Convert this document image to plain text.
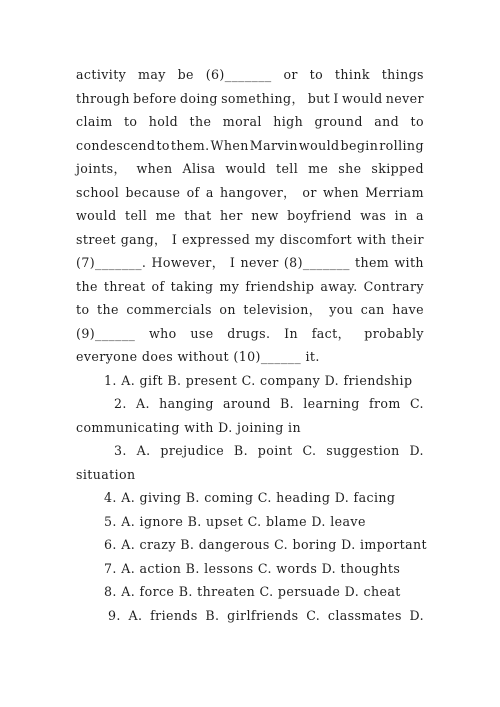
activity may be (6)_______ or to think things
through before doing something， but I would never
claim to hold the moral high ground and to
condescend to them. When Marvin would begin rolling
joints， when Alisa would tell me she skipped
school because of a hangover， or when Merriam
would tell me that her new boyfriend was in a
street gang， I expressed my discomfort with their
(7)_______. However， I never (8)_______ them with
the threat of taking my friendship away. Contrary
to the commercials on television， you can have
(9)______ who use drugs. In fact， probably
everyone does without (10)______ it.
1. A. gift B. present C. company D. friendship
2. A. hanging around B. learning from C.
communicating with D. joining in
3. A. prejudice B. point C. suggestion D.
situation
4. A. giving B. coming C. heading D. facing
5. A. ignore B. upset C. blame D. leave
6. A. crazy B. dangerous C. boring D. important
7. A. action B. lessons C. words D. thoughts
8. A. force B. threaten C. persuade D. cheat
9. A. friends B. girlfriends C. classmates D.
